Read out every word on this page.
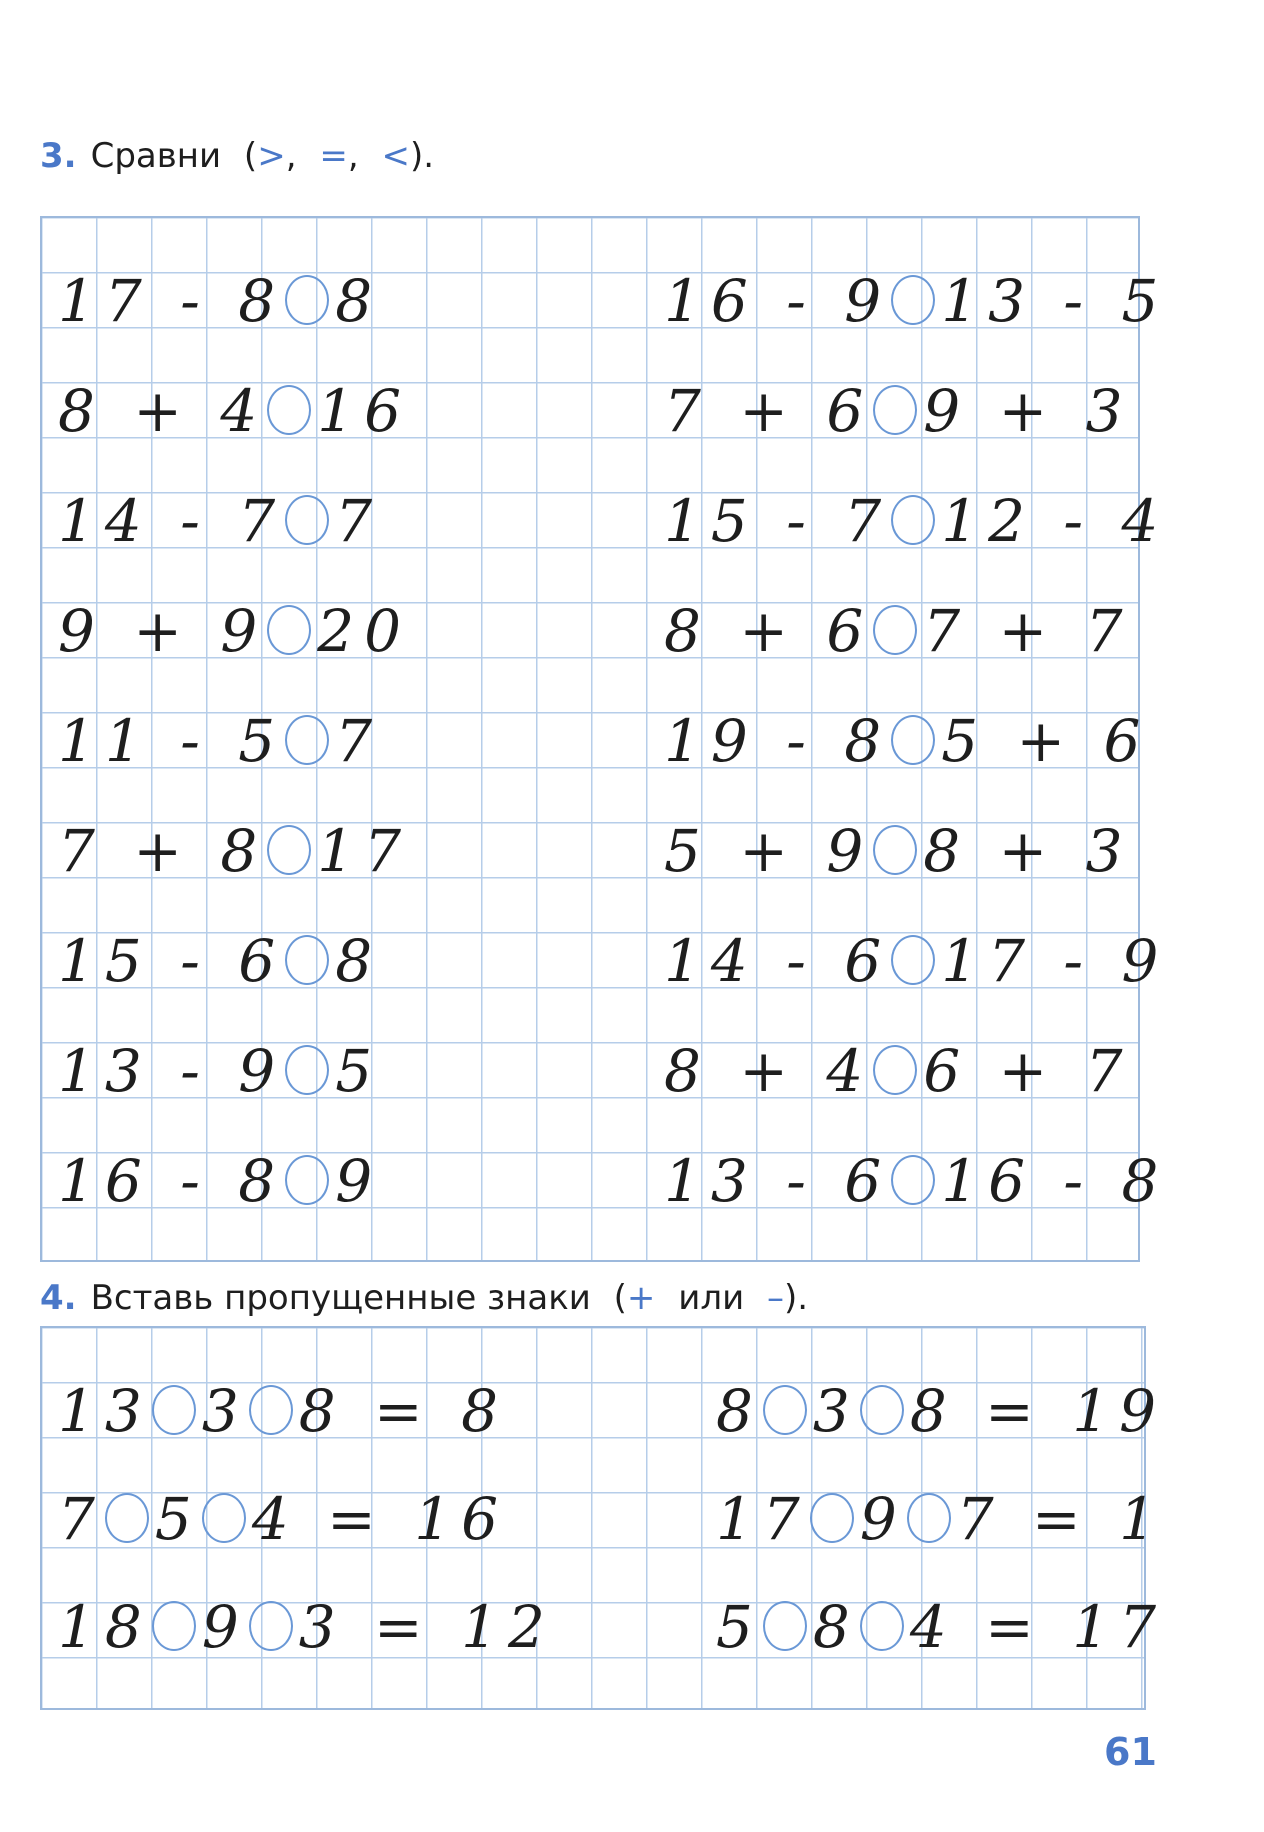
3. Сравни (>, =, <).
4. Вставь пропущенные знаки (+ или –).
17 - 8 8
8 + 4 16
14 - 7 7
9 + 9 20
11 - 5 7
7 + 8 17
15 - 6 8
13 - 9 5
16 - 8 9
16 - 9 13 - 5
7 + 6 9 + 3
15 - 7 12 - 4
8 + 6 7 + 7
19 - 8 5 + 6
5 + 9 8 + 3
14 - 6 17 - 9
8 + 4 6 + 7
13 - 6 16 - 8
13 3 8 = 8
7 5 4 = 16
18 9 3 = 12
8 3 8 = 19
17 9 7 = 1
5 8 4 = 17
61
